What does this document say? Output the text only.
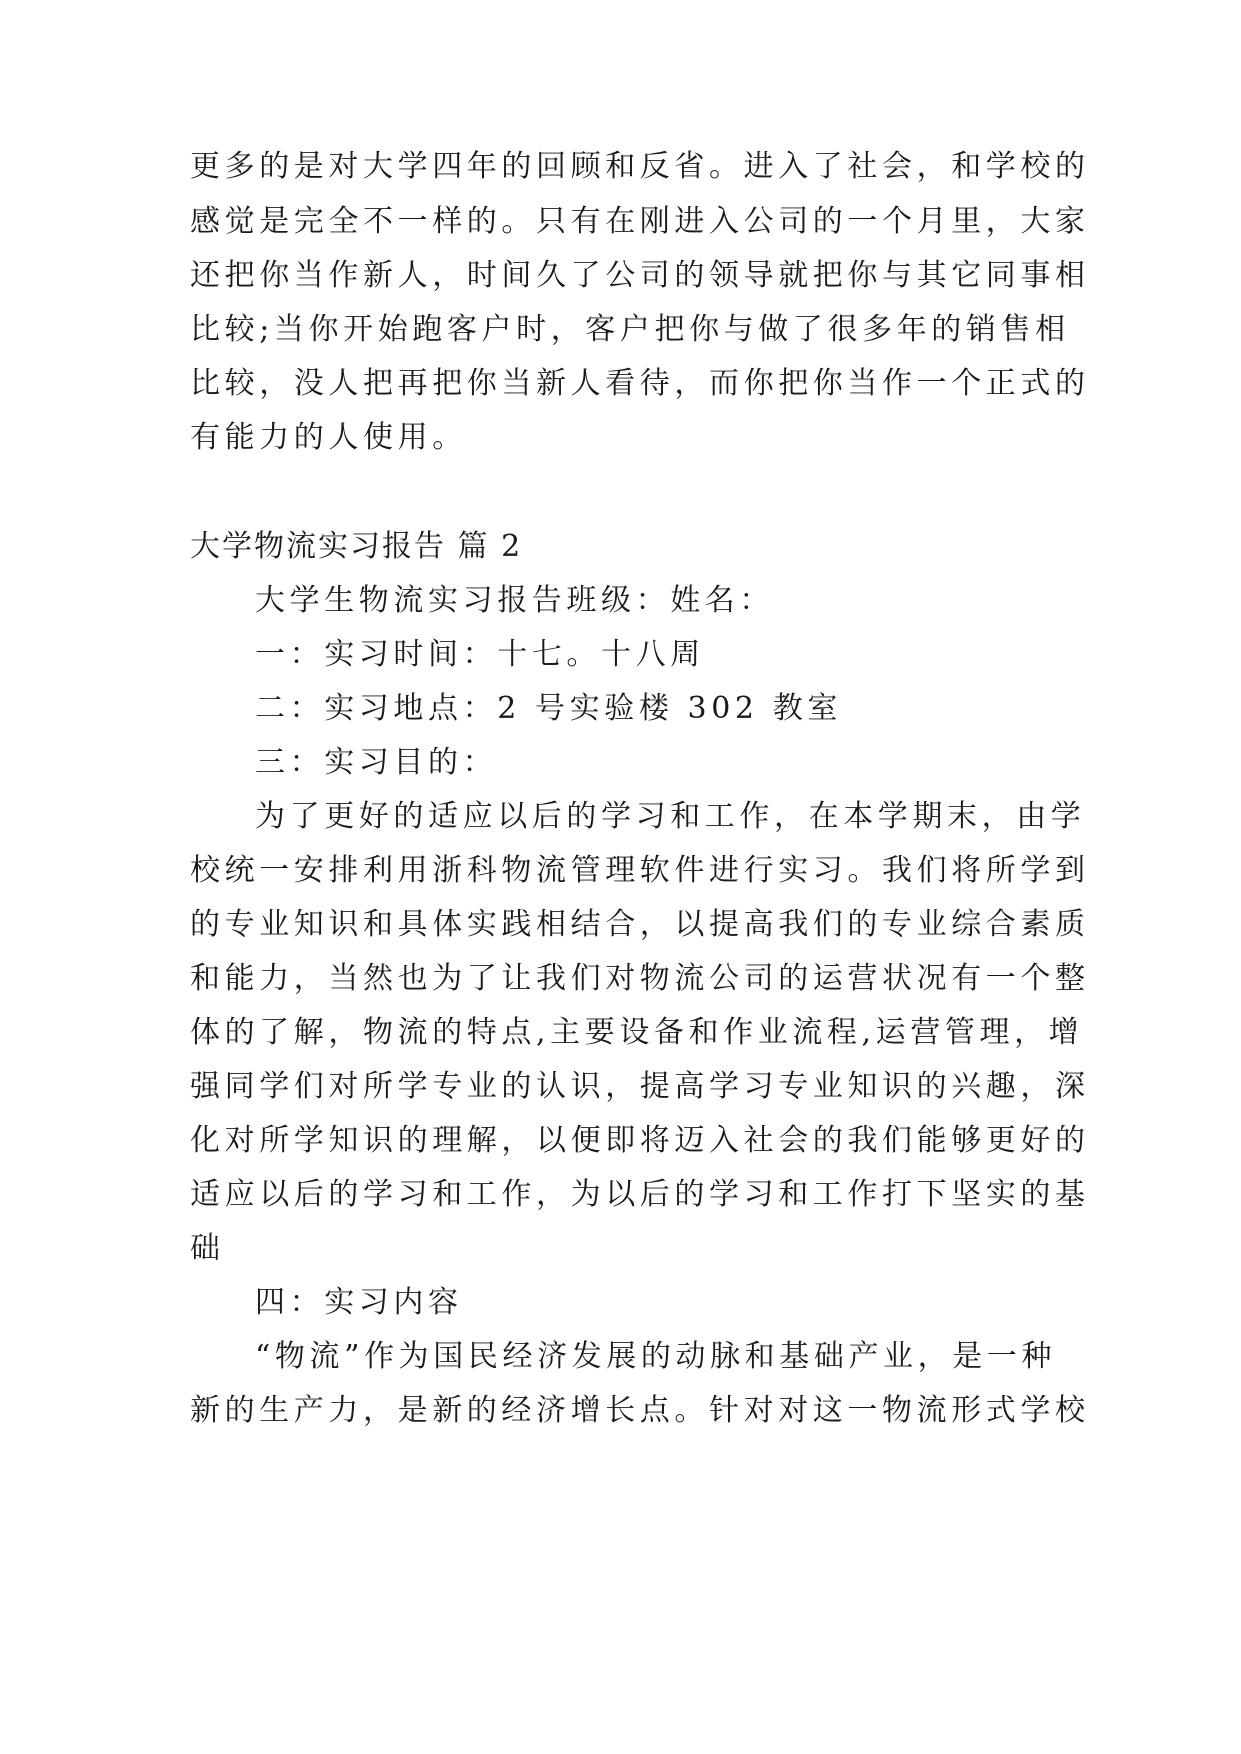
更多的是对大学四年的回顾和反省。进入了社会，和学校的
感觉是完全不一样的。只有在刚进入公司的一个月里，大家
还把你当作新人，时间久了公司的领导就把你与其它同事相
比较;当你开始跑客户时，客户把你与做了很多年的销售相
比较，没人把再把你当新人看待，而你把你当作一个正式的
有能力的人使用。
大学物流实习报告 篇 2
大学生物流实习报告班级：姓名：
一：实习时间：十七。十八周
二：实习地点：2 号实验楼 302 教室
三：实习目的：
为了更好的适应以后的学习和工作，在本学期末，由学
校统一安排利用浙科物流管理软件进行实习。我们将所学到
的专业知识和具体实践相结合，以提高我们的专业综合素质
和能力，当然也为了让我们对物流公司的运营状况有一个整
体的了解，物流的特点,主要设备和作业流程,运营管理，增
强同学们对所学专业的认识，提高学习专业知识的兴趣，深
化对所学知识的理解，以便即将迈入社会的我们能够更好的
适应以后的学习和工作，为以后的学习和工作打下坚实的基
础
四：实习内容
“物流”作为国民经济发展的动脉和基础产业，是一种
新的生产力，是新的经济增长点。针对对这一物流形式学校
